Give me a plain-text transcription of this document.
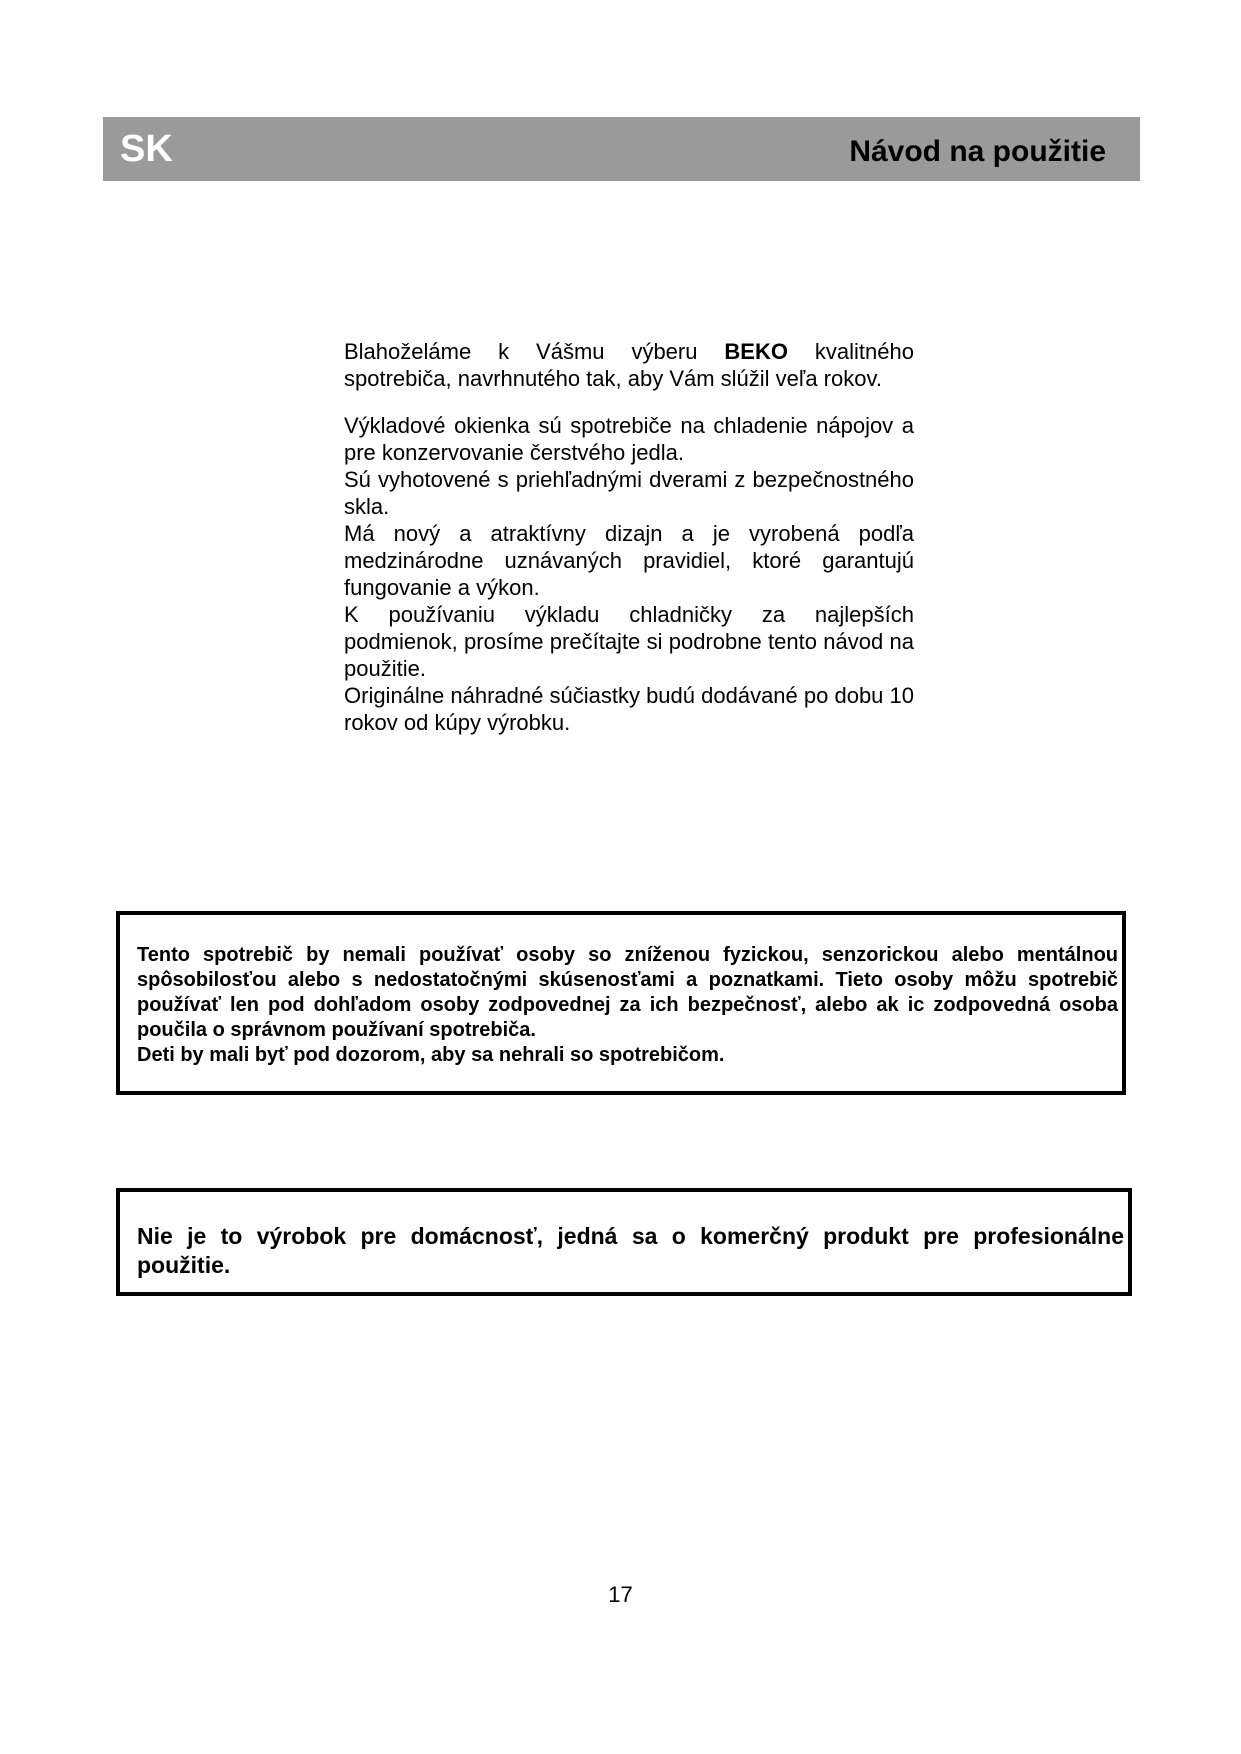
SK	Návod na použitie

Blahoželáme k Vášmu výberu BEKO kvalitného spotrebiča, navrhnutého tak, aby Vám slúžil veľa rokov.

Výkladové okienka sú spotrebiče na chladenie nápojov a pre konzervovanie čerstvého jedla.
Sú vyhotovené s priehľadnými dverami z bezpečnostného skla.
Má nový a atraktívny dizajn a je vyrobená podľa medzinárodne uznávaných pravidiel, ktoré garantujú fungovanie a výkon.
K používaniu výkladu chladničky za najlepších podmienok, prosíme prečítajte si podrobne tento návod na použitie.
Originálne náhradné súčiastky budú dodávané po dobu 10 rokov od kúpy výrobku.

Tento spotrebič by nemali používať osoby so zníženou fyzickou, senzorickou alebo mentálnou spôsobilosťou alebo s nedostatočnými skúsenosťami a poznatkami. Tieto osoby môžu spotrebič používať len pod dohľadom osoby zodpovednej za ich bezpečnosť, alebo ak ic zodpovedná osoba poučila o správnom používaní spotrebiča.
Deti by mali byť pod dozorom, aby sa nehrali so spotrebičom.
Nie je to výrobok pre domácnosť, jedná sa o komerčný produkt pre profesionálne použitie.
17
